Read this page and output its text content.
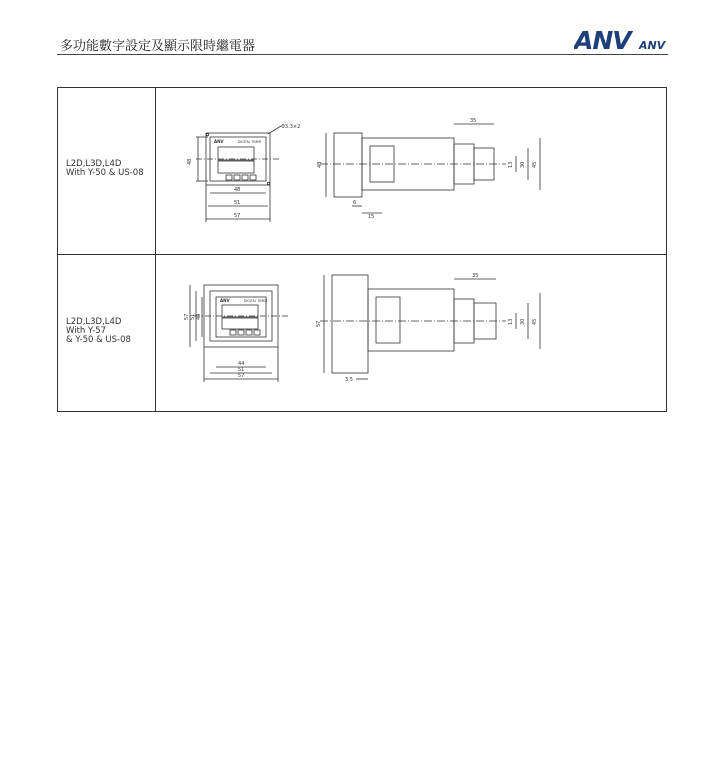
多功能數字設定及顯示限時繼電器	ANV ANV
L2D,L3D,L4D
With Y-50 & US-08
ANV	DIGITAL TIMER
48
48
51
57
Φ3.3×2
48
6
15
35
13 30 45
L2D,L3D,L4D
With Y-57
& Y-50 & US-08
ANV	DIGITAL TIMER
57 51 44
44
51
57
57
3.5
35
13 30 45
